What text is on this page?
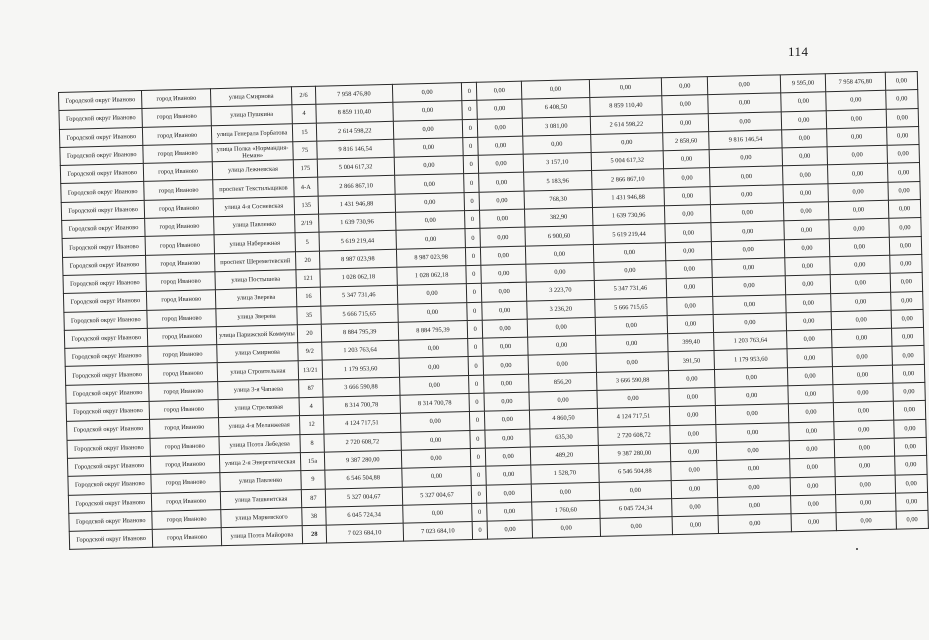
114
Городской округ Иваново	город Иваново	улица Смирнова	2/6	7 958 476,80	0,00	0	0,00	0,00	0,00	0,00	0,00	9 595,00	7 958 476,80	0,00
Городской округ Иваново	город Иваново	улица Пушкина	4	8 859 110,40	0,00	0	0,00	6 408,50	8 859 110,40	0,00	0,00	0,00	0,00	0,00
Городской округ Иваново	город Иваново	улица Генерала Горбатова	15	2 614 598,22	0,00	0	0,00	3 081,00	2 614 598,22	0,00	0,00	0,00	0,00	0,00
Городской округ Иваново	город Иваново	улица Полка «Нормандия-Неман»	75	9 816 146,54	0,00	0	0,00	0,00	0,00	2 858,60	9 816 146,54	0,00	0,00	0,00
Городской округ Иваново	город Иваново	улица Лежневская	175	5 004 617,32	0,00	0	0,00	3 157,10	5 004 617,32	0,00	0,00	0,00	0,00	0,00
Городской округ Иваново	город Иваново	проспект Текстильщиков	4-А	2 866 867,10	0,00	0	0,00	5 183,96	2 866 867,10	0,00	0,00	0,00	0,00	0,00
Городской округ Иваново	город Иваново	улица 4-я Сосневская	135	1 431 946,88	0,00	0	0,00	768,30	1 431 946,88	0,00	0,00	0,00	0,00	0,00
Городской округ Иваново	город Иваново	улица Павленко	2/19	1 639 730,96	0,00	0	0,00	382,90	1 639 730,96	0,00	0,00	0,00	0,00	0,00
Городской округ Иваново	город Иваново	улица Набережная	5	5 619 219,44	0,00	0	0,00	6 900,60	5 619 219,44	0,00	0,00	0,00	0,00	0,00
Городской округ Иваново	город Иваново	проспект Шереметевский	20	8 987 023,98	8 987 023,98	0	0,00	0,00	0,00	0,00	0,00	0,00	0,00	0,00
Городской округ Иваново	город Иваново	улица Постышева	121	1 028 062,18	1 028 062,18	0	0,00	0,00	0,00	0,00	0,00	0,00	0,00	0,00
Городской округ Иваново	город Иваново	улица Зверева	16	5 347 731,46	0,00	0	0,00	3 223,70	5 347 731,46	0,00	0,00	0,00	0,00	0,00
Городской округ Иваново	город Иваново	улица Зверева	35	5 666 715,65	0,00	0	0,00	3 236,20	5 666 715,65	0,00	0,00	0,00	0,00	0,00
Городской округ Иваново	город Иваново	улица Парижской Коммуны	20	8 884 795,39	8 884 795,39	0	0,00	0,00	0,00	0,00	0,00	0,00	0,00	0,00
Городской округ Иваново	город Иваново	улица Смирнова	9/2	1 203 763,64	0,00	0	0,00	0,00	0,00	399,40	1 203 763,64	0,00	0,00	0,00
Городской округ Иваново	город Иваново	улица Строительная	13/21	1 179 953,60	0,00	0	0,00	0,00	0,00	391,50	1 179 953,60	0,00	0,00	0,00
Городской округ Иваново	город Иваново	улица 3-я Чапаева	87	3 666 590,88	0,00	0	0,00	856,20	3 666 590,88	0,00	0,00	0,00	0,00	0,00
Городской округ Иваново	город Иваново	улица Стрелковая	4	8 314 700,78	8 314 700,78	0	0,00	0,00	0,00	0,00	0,00	0,00	0,00	0,00
Городской округ Иваново	город Иваново	улица 4-я Меланжевая	12	4 124 717,51	0,00	0	0,00	4 860,50	4 124 717,51	0,00	0,00	0,00	0,00	0,00
Городской округ Иваново	город Иваново	улица Поэта Лебедева	8	2 720 608,72	0,00	0	0,00	635,30	2 720 608,72	0,00	0,00	0,00	0,00	0,00
Городской округ Иваново	город Иваново	улица 2-я Энергетическая	15а	9 387 280,00	0,00	0	0,00	489,20	9 387 280,00	0,00	0,00	0,00	0,00	0,00
Городской округ Иваново	город Иваново	улица Павленко	9	6 546 504,88	0,00	0	0,00	1 528,70	6 546 504,88	0,00	0,00	0,00	0,00	0,00
Городской округ Иваново	город Иваново	улица Ташкентская	87	5 327 004,67	5 327 004,67	0	0,00	0,00	0,00	0,00	0,00	0,00	0,00	0,00
Городской округ Иваново	город Иваново	улица Маркевского	38	6 045 724,34	0,00	0	0,00	1 760,60	6 045 724,34	0,00	0,00	0,00	0,00	0,00
Городской округ Иваново	город Иваново	улица Поэта Майорова	28	7 023 684,10	7 023 684,10	0	0,00	0,00	0,00	0,00	0,00	0,00	0,00	0,00
